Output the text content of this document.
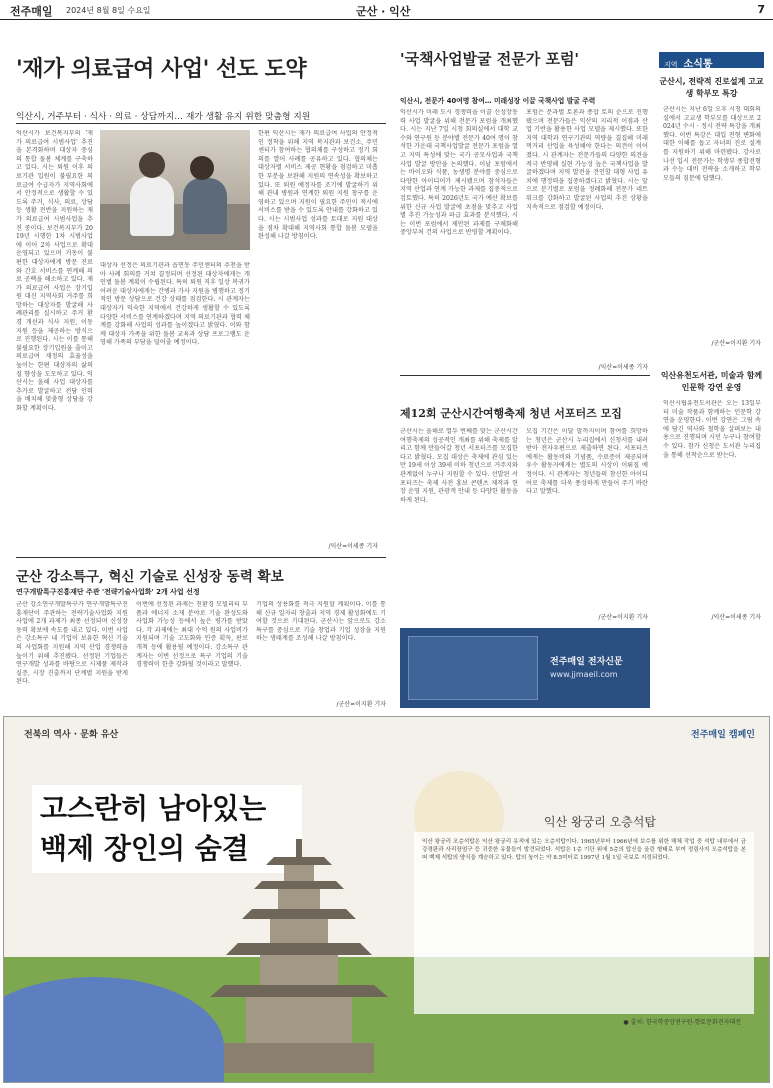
전주매일 2024년 8월 8일 수요일	군산 · 익산	7
'재가 의료급여 사업' 선도 도약
익산시, 거주부터 · 식사 · 의료 · 상담까지… 재가 생활 유지 위한 맞춤형 지원
익산시가 보건복지부의 '재가 의료급여 시범사업' 추진을 본격화하며 대상자 중심의 통합 돌봄 체계를 구축하고 있다. 시는 퇴원 이후 의료기관 입원이 불필요한 의료급여 수급자가 지역사회에서 안정적으로 생활할 수 있도록 주거, 식사, 의료, 상담 등 생활 전반을 지원하는 재가 의료급여 시범사업을 추진 중이다. 보건복지부가 2019년 시행한 1차 시범사업에 이어 2차 사업으로 확대 운영되고 있으며 거동이 불편한 대상자에게 방문 진료와 간호 서비스를 연계해 의료 공백을 해소하고 있다. 재가 의료급여 사업은 장기입원 대신 지역사회 거주를 희망하는 대상자를 발굴해 사례관리를 실시하고 주거 환경 개선과 식사 지원, 이동 지원 등을 제공하는 방식으로 진행된다. 시는 이를 통해 불필요한 장기입원을 줄이고 의료급여 재정의 효율성을 높이는 한편 대상자의 삶의 질 향상을 도모하고 있다. 익산시는 올해 사업 대상자를 추가로 발굴하고 전담 인력을 배치해 맞춤형 상담을 강화할 계획이다.
대상자 선정은 의료기관과 읍면동 주민센터의 추천을 받아 사례 회의를 거쳐 결정되며 선정된 대상자에게는 개인별 돌봄 계획이 수립된다. 특히 퇴원 직후 일상 복귀가 어려운 대상자에게는 간병과 가사 지원을 병행하고 정기적인 방문 상담으로 건강 상태를 점검한다. 시 관계자는 대상자가 익숙한 지역에서 건강하게 생활할 수 있도록 다양한 서비스를 연계하겠다며 지역 의료기관과 협력 체계를 강화해 사업의 성과를 높이겠다고 밝혔다. 이와 함께 대상자 가족을 위한 돌봄 교육과 상담 프로그램도 운영해 가족의 부담을 덜어줄 예정이다.
한편 익산시는 재가 의료급여 사업의 안정적인 정착을 위해 지역 복지관과 보건소, 주민센터가 참여하는 협의체를 구성하고 정기 회의를 열어 사례를 공유하고 있다. 협의체는 대상자별 서비스 제공 현황을 점검하고 미흡한 부분을 보완해 지원의 연속성을 확보하고 있다. 또 퇴원 예정자를 조기에 발굴하기 위해 관내 병원과 연계한 퇴원 지원 창구를 운영하고 있으며 지원이 필요한 주민이 적시에 서비스를 받을 수 있도록 안내를 강화하고 있다. 시는 시범사업 성과를 토대로 지원 대상을 점차 확대해 지역사회 통합 돌봄 모델을 완성해 나갈 방침이다.
/익산=이세종 기자
'국책사업발굴 전문가 포럼'
익산시, 전문가 40여명 참여… 미래성장 이끌 국책사업 발굴 주력
익산시가 미래 도시 경쟁력을 이끌 신성장동력 사업 발굴을 위해 전문가 포럼을 개최했다. 시는 지난 7일 시청 회의실에서 대학 교수와 연구원 등 분야별 전문가 40여 명이 참석한 가운데 국책사업발굴 전문가 포럼을 열고 지역 특성에 맞는 국가 공모사업과 국책사업 발굴 방안을 논의했다. 이날 포럼에서는 바이오와 식품, 농생명 분야를 중심으로 다양한 아이디어가 제시됐으며 참석자들은 지역 산업과 연계 가능한 과제를 집중적으로 검토했다. 특히 2026년도 국가 예산 확보를 위한 신규 사업 발굴에 초점을 맞추고 사업별 추진 가능성과 파급 효과를 분석했다. 시는 이번 포럼에서 제안된 과제를 구체화해 중앙부처 건의 사업으로 반영할 계획이다.
포럼은 분과별 토론과 종합 토의 순으로 진행됐으며 전문가들은 익산의 지리적 이점과 산업 기반을 활용한 사업 모델을 제시했다. 또한 지역 대학과 연구기관의 역량을 결집해 미래 먹거리 산업을 육성해야 한다는 의견이 이어졌다. 시 관계자는 전문가들의 다양한 의견을 적극 반영해 실현 가능성 높은 국책사업을 발굴하겠다며 지역 발전을 견인할 대형 사업 유치에 행정력을 집중하겠다고 밝혔다. 시는 앞으로 분기별로 포럼을 정례화해 전문가 네트워크를 강화하고 발굴된 사업의 추진 상황을 지속적으로 점검할 예정이다.
/익산=이세종 기자
제12회 군산시간여행축제 청년 서포터즈 모집
군산시는 올해로 열두 번째를 맞는 군산시간여행축제의 성공적인 개최를 위해 축제를 알리고 함께 만들어갈 청년 서포터즈를 모집한다고 밝혔다. 모집 대상은 축제에 관심 있는 만 19세 이상 39세 이하 청년으로 거주지와 관계없이 누구나 지원할 수 있다. 선발된 서포터즈는 축제 사전 홍보 콘텐츠 제작과 현장 운영 지원, 관광객 안내 등 다양한 활동을 하게 된다.
모집 기간은 이달 말까지이며 참여를 희망하는 청년은 군산시 누리집에서 신청서를 내려받아 전자우편으로 제출하면 된다. 서포터즈에게는 활동비와 기념품, 수료증이 제공되며 우수 활동자에게는 별도의 시상이 이뤄질 예정이다. 시 관계자는 청년들의 참신한 아이디어로 축제를 더욱 풍성하게 만들어 주기 바란다고 말했다.
/군산=이지환 기자
군산 강소특구, 혁신 기술로 신성장 동력 확보
연구개발특구진흥재단 주관 '전략기술사업화' 2개 사업 선정
군산 강소연구개발특구가 연구개발특구진흥재단이 주관하는 전략기술사업화 지원사업에 2개 과제가 최종 선정되며 신성장 동력 확보에 속도를 내고 있다. 이번 사업은 강소특구 내 기업이 보유한 혁신 기술의 사업화를 지원해 지역 산업 경쟁력을 높이기 위해 추진됐다. 선정된 기업들은 연구개발 성과를 바탕으로 시제품 제작과 실증, 시장 진출까지 단계별 지원을 받게 된다.
이번에 선정된 과제는 친환경 모빌리티 부품과 에너지 소재 분야로 기술 완성도와 사업화 가능성 등에서 높은 평가를 받았다. 각 과제에는 최대 수억 원의 사업비가 지원되며 기술 고도화와 인증 획득, 판로 개척 등에 활용될 예정이다. 강소특구 관계자는 이번 선정으로 특구 기업의 기술 경쟁력이 한층 강화될 것이라고 말했다.
기업의 상용화를 적극 지원할 계획이다. 이를 통해 신규 일자리 창출과 지역 경제 활성화에도 기여할 것으로 기대된다. 군산시는 앞으로도 강소특구를 중심으로 기술 창업과 기업 성장을 지원하는 생태계를 조성해 나갈 방침이다.
/군산=이지환 기자
지역 소식통
군산시, 전략적 진로설계 고교생 학부모 특강
군산시는 지난 6일 오후 시청 대회의실에서 고교생 학부모를 대상으로 2024년 수시 · 정시 전략 특강을 개최했다. 이번 특강은 대입 전형 변화에 대한 이해를 돕고 자녀의 진로 설계를 지원하기 위해 마련됐다. 강사로 나선 입시 전문가는 학생부 종합전형과 수능 대비 전략을 소개하고 학부모들의 질문에 답했다.
/군산=이지환 기자
익산유천도서관, 미술과 함께 인문학 강연 운영
익산시립유천도서관은 오는 13일부터 미술 작품과 함께하는 인문학 강연을 운영한다. 이번 강연은 그림 속에 담긴 역사와 철학을 살펴보는 내용으로 진행되며 시민 누구나 참여할 수 있다. 참가 신청은 도서관 누리집을 통해 선착순으로 받는다.
/익산=이세종 기자
전주매일 전자신문
www.jjmaeil.com
전북의 역사 · 문화 유산	전주매일 캠페인
고스란히 남아있는
백제 장인의 숨결
익산 왕궁리 오층석탑
익산 왕궁리 오층석탑은 익산 왕궁리 유적에 있는 오층석탑이다. 1965년부터 1966년에 보수를 위한 해체 작업 중 석탑 내부에서 금강경판과 사리장엄구 등 귀중한 유물들이 발견되었다. 석탑은 1층 기단 위에 5층의 탑신을 올린 형태로 부여 정림사지 오층석탑을 본떠 백제 석탑의 양식을 계승하고 있다. 탑의 높이는 약 8.5미터로 1997년 1월 1일 국보로 지정되었다.
● 출처: 한국학중앙연구원-향토문화전자대전
